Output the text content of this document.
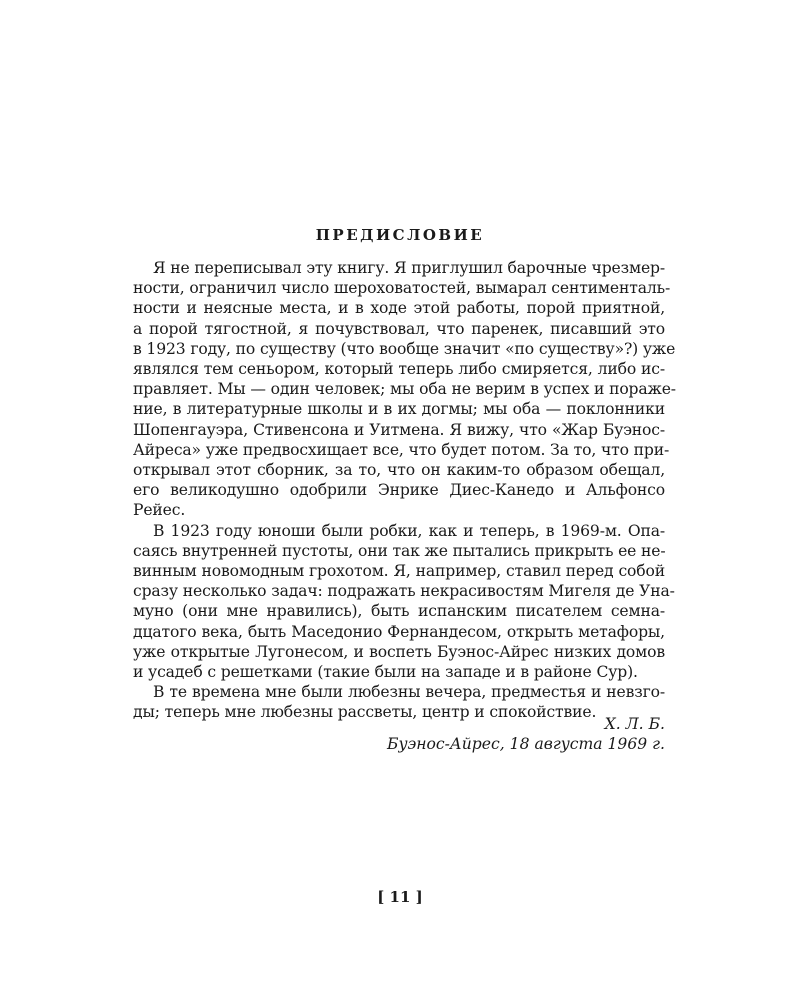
ПРЕДИСЛОВИЕ
Я не переписывал эту книгу. Я приглушил барочные чрезмер-
ности, ограничил число шероховатостей, вымарал сентименталь-
ности и неясные места, и в ходе этой работы, порой приятной,
а порой тягостной, я почувствовал, что паренек, писавший это
в 1923 году, по существу (что вообще значит «по существу»?) уже
являлся тем сеньором, который теперь либо смиряется, либо ис-
правляет. Мы — один человек; мы оба не верим в успех и пораже-
ние, в литературные школы и в их догмы; мы оба — поклонники
Шопенгауэра, Стивенсона и Уитмена. Я вижу, что «Жар Буэнос-
Айреса» уже предвосхищает все, что будет потом. За то, что при-
открывал этот сборник, за то, что он каким-то образом обещал,
его великодушно одобрили Энрике Диес-Канедо и Альфонсо
Рейес.
В 1923 году юноши были робки, как и теперь, в 1969-м. Опа-
саясь внутренней пустоты, они так же пытались прикрыть ее не-
винным новомодным грохотом. Я, например, ставил перед собой
сразу несколько задач: подражать некрасивостям Мигеля де Уна-
муно (они мне нравились), быть испанским писателем семна-
дцатого века, быть Маседонио Фернандесом, открыть метафоры,
уже открытые Лугонесом, и воспеть Буэнос-Айрес низких домов
и усадеб с решетками (такие были на западе и в районе Сур).
В те времена мне были любезны вечера, предместья и невзго-
ды; теперь мне любезны рассветы, центр и спокойствие.

Х. Л. Б.

Буэнос-Айрес, 18 августа 1969 г.

[ 11 ]
